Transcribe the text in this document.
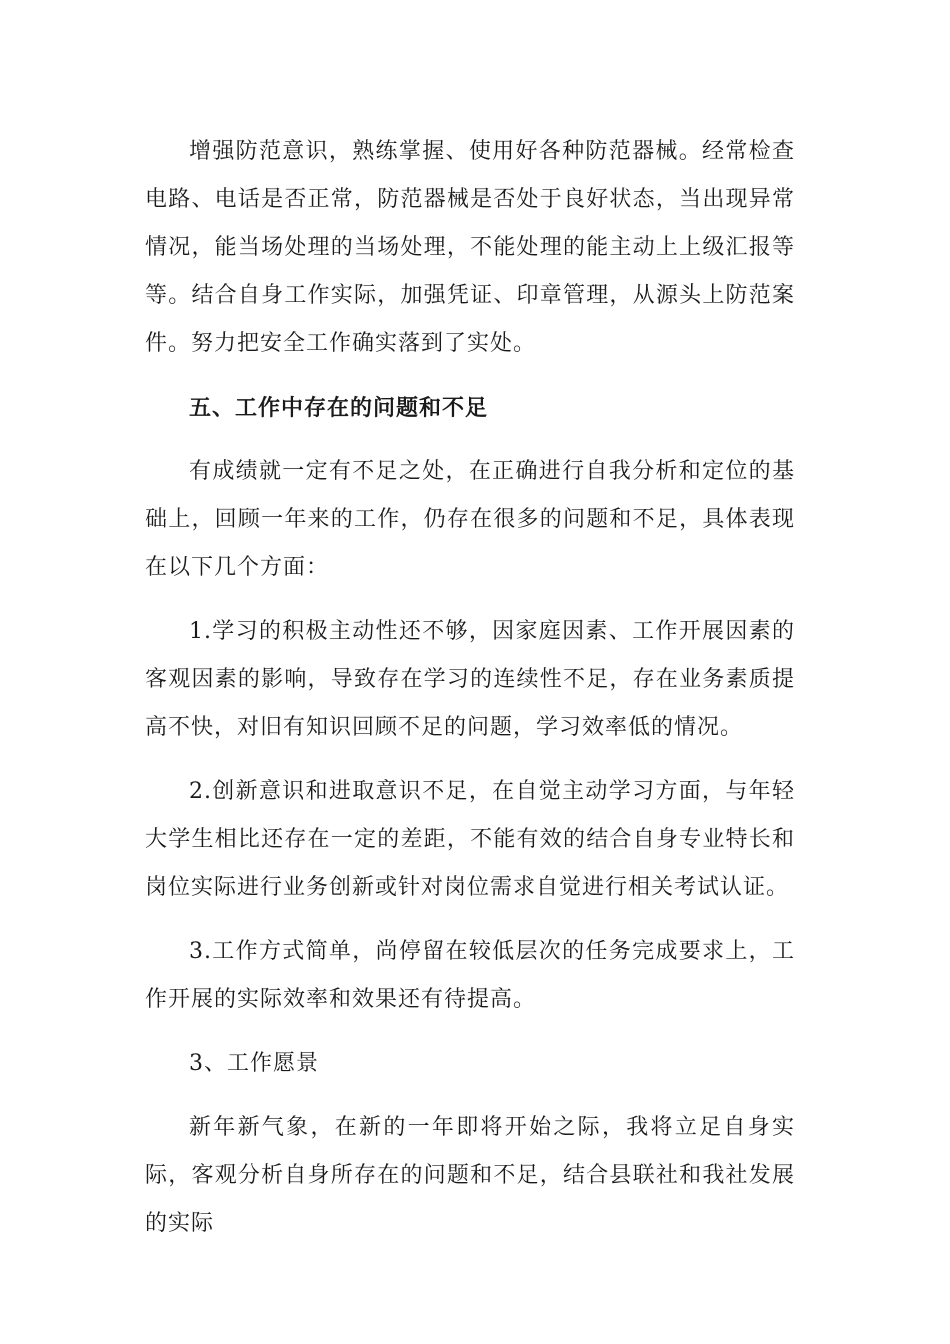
增强防范意识，熟练掌握、使用好各种防范器械。经常检查电路、电话是否正常，防范器械是否处于良好状态，当出现异常情况，能当场处理的当场处理，不能处理的能主动上上级汇报等等。结合自身工作实际，加强凭证、印章管理，从源头上防范案件。努力把安全工作确实落到了实处。

五、工作中存在的问题和不足

有成绩就一定有不足之处，在正确进行自我分析和定位的基础上，回顾一年来的工作，仍存在很多的问题和不足，具体表现在以下几个方面：

1.学习的积极主动性还不够，因家庭因素、工作开展因素的客观因素的影响，导致存在学习的连续性不足，存在业务素质提高不快，对旧有知识回顾不足的问题，学习效率低的情况。

2.创新意识和进取意识不足，在自觉主动学习方面，与年轻大学生相比还存在一定的差距，不能有效的结合自身专业特长和岗位实际进行业务创新或针对岗位需求自觉进行相关考试认证。

3.工作方式简单，尚停留在较低层次的任务完成要求上，工作开展的实际效率和效果还有待提高。

3、工作愿景

新年新气象，在新的一年即将开始之际，我将立足自身实际，客观分析自身所存在的问题和不足，结合县联社和我社发展的实际
